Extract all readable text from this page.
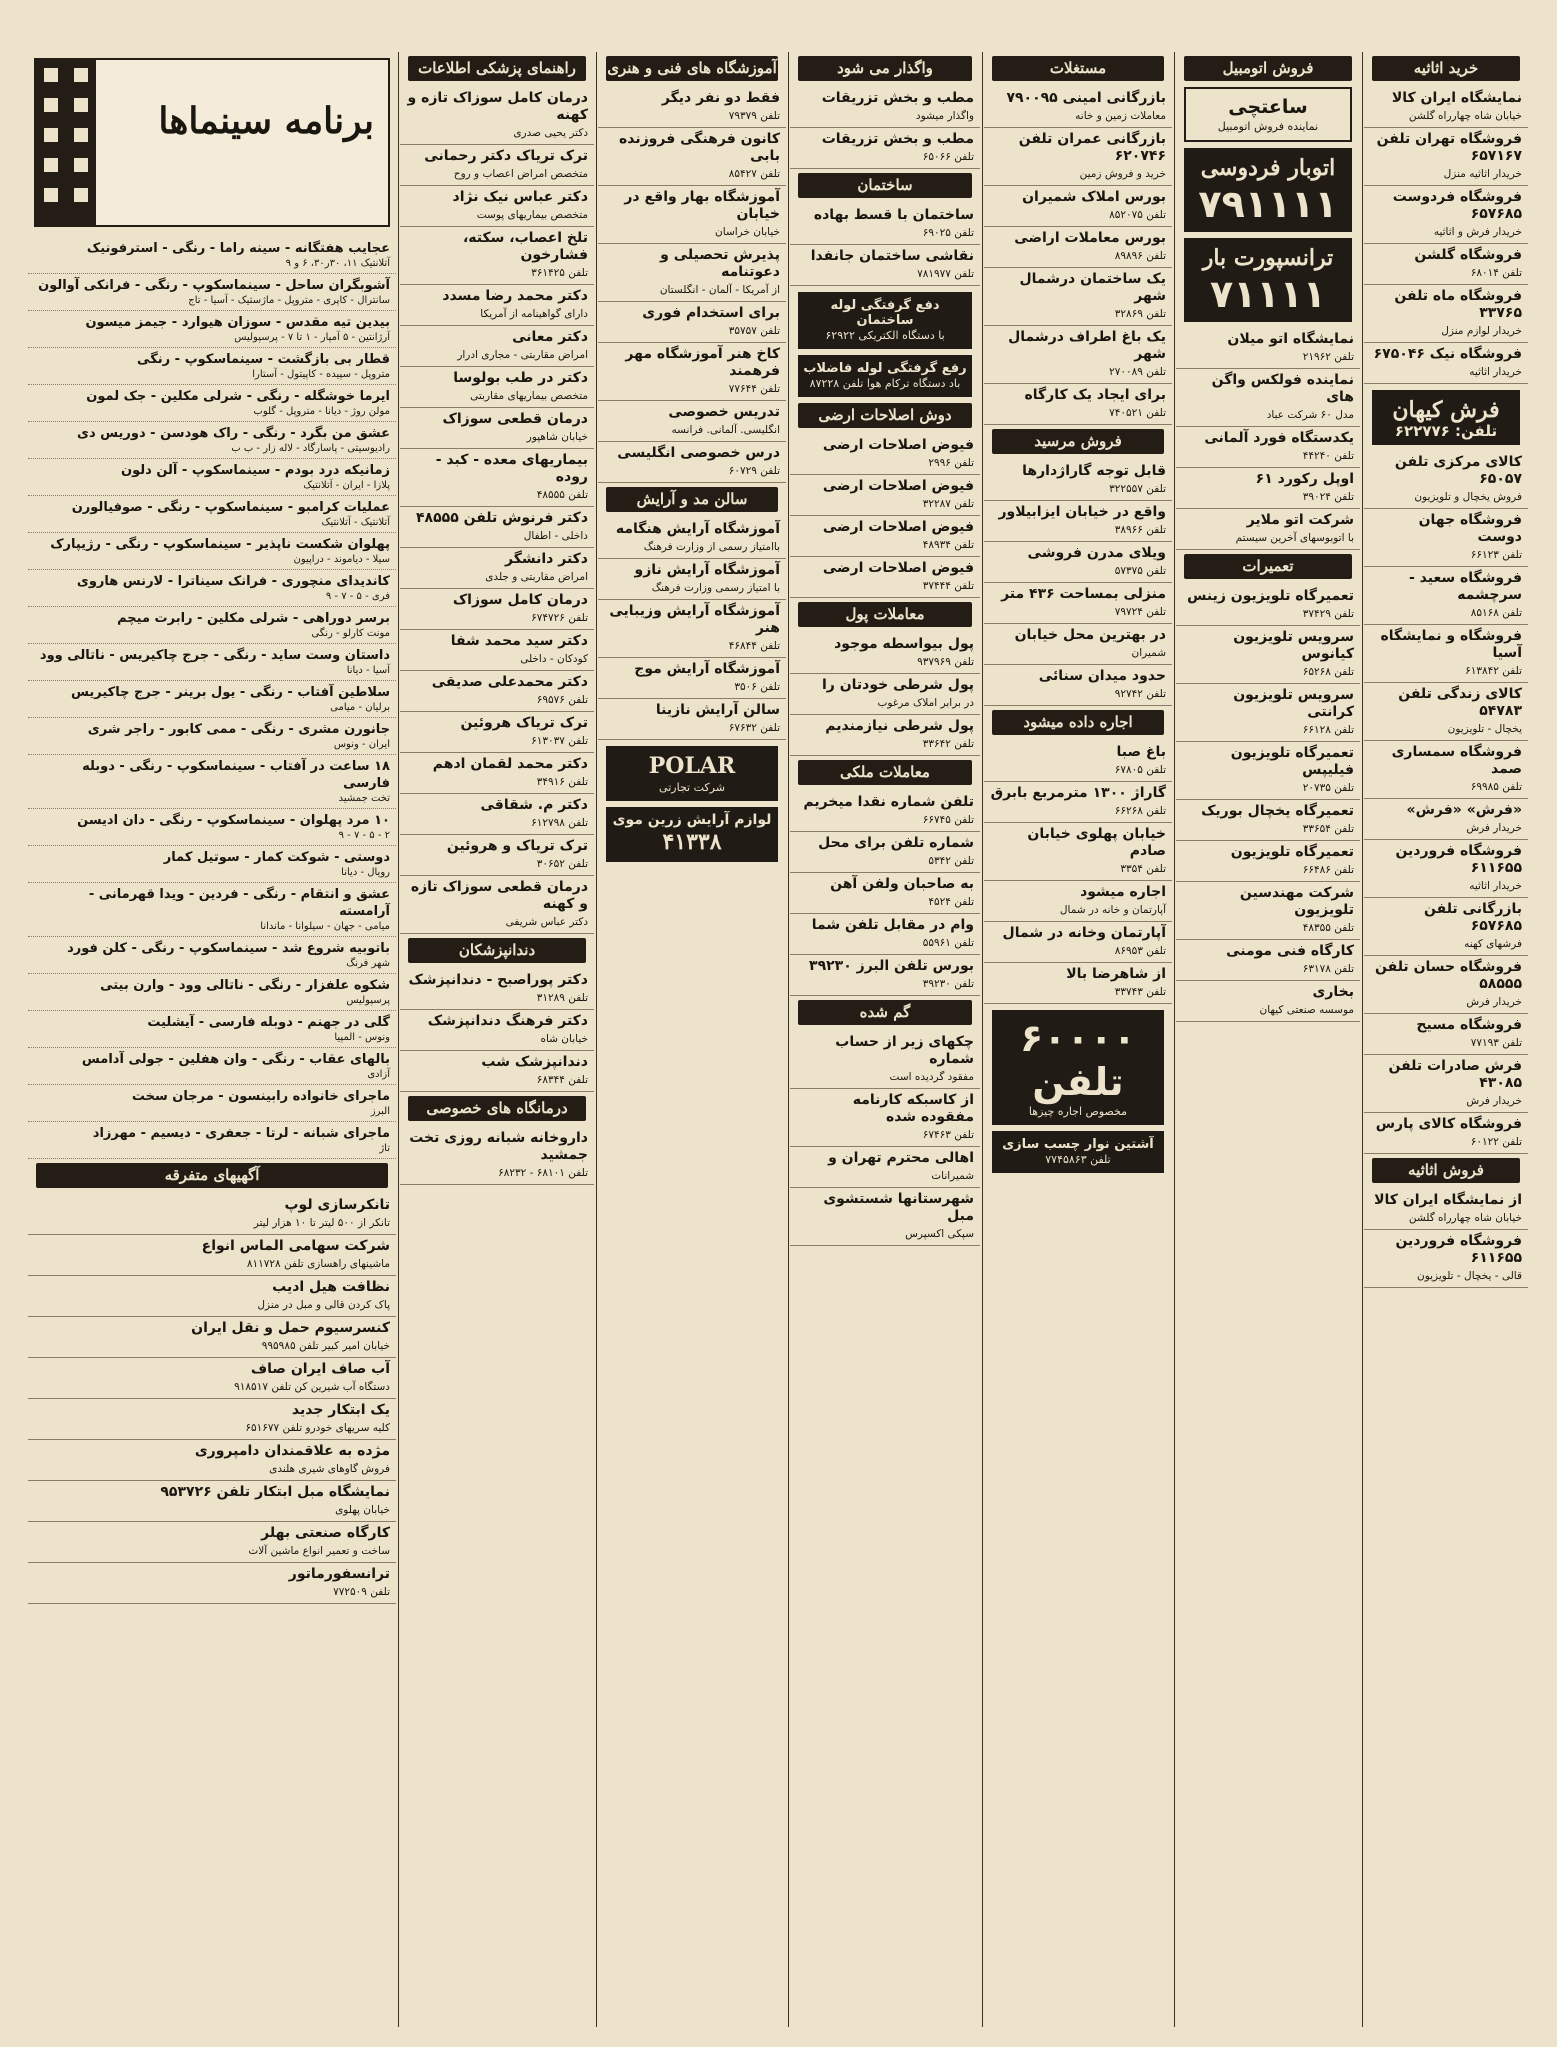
برنامه سینماها
عجایب هفتگانه - سینه راما - رنگی - استرفونیک

آتلانتیک ۱۱، ۳۰ر۳۰، ۶ و ۹

آشوبگران ساحل - سینماسکوپ - رنگی - فرانکی آوالون

سانترال - کاپری - متروپل - ماژستیک - آسیا - تاج

بیدین تیه مقدس - سوزان هیوارد - جیمز میسون

آرژانتین - ۵ آمپار - ۱ تا ۷ - پرسپولیس

قطار بی بازگشت - سینماسکوپ - رنگی

متروپل - سپیده - کاپیتول - آستارا

ایرما خوشگله - رنگی - شرلی مکلین - جک لمون

مولن روژ - دیانا - متروپل - گلوب

عشق من بگرد - رنگی - راک هودسن - دوریس دی

رادیوسیتی - پاسارگاد - لاله زار - ب ب

زمانیکه درد بودم - سینماسکوپ - آلن دلون

پلازا - ایران - آتلانتیک

عملیات کرامبو - سینماسکوپ - رنگی - صوفیالورن

آتلانتیک - آتلانتیک

پهلوان شکست ناپذیر - سینماسکوپ - رنگی - رژیپارک

سیلا - دیاموند - دراپیون

کاندیدای منچوری - فرانک سیناترا - لارنس هاروی

فری - ۵ - ۷ - ۹

برسر دوراهی - شرلی مکلین - رابرت میچم

مونت کارلو - رنگی

داستان وست ساید - رنگی - جرج چاکیریس - ناتالی وود

آسیا - دیانا

سلاطین آفتاب - رنگی - یول برینر - جرج چاکیریس

برلیان - میامی

جانورن مشری - رنگی - ممی کابور - راجر شری

ایران - ونوس

۱۸ ساعت در آفتاب - سینماسکوپ - رنگی - دوبله فارسی

تخت جمشید

۱۰ مرد پهلوان - سینماسکوپ - رنگی - دان ادیسن

۲ - ۵ - ۷ - ۹

دوستی - شوکت کمار - سوتیل کمار

رویال - دیانا

عشق و انتقام - رنگی - فردین - ویدا قهرمانی - آرامسته

میامی - جهان - سیلوانا - ماندانا

باتوبیه شروع شد - سینماسکوپ - رنگی - کلن فورد

شهر فرنگ

شکوه علفزار - رنگی - ناتالی وود - وارن بیتی

پرسپولیس

گلی در جهنم - دوبله فارسی - آیشلیت

ونوس - المپیا

بالهای عقاب - رنگی - وان هفلین - جولی آدامس

آزادی

ماجرای خانواده رابینسون - مرجان سخت

البرز

ماجرای شبانه - لرتا - جعفری - دیسیم - مهرزاد

تاژ

آگهیهای متفرقه
تانکرسازی لوپ

تانکر از ۵۰۰ لیتر تا ۱۰ هزار لیتر

شرکت سهامی الماس انواع

ماشینهای راهسازی تلفن ۸۱۱۷۲۸

نظافت هیل ادیب

پاک کردن قالی و مبل در منزل

کنسرسیوم حمل و نقل ایران

خیابان امیر کبیر تلفن ۹۹۵۹۸۵

آب صاف ایران صاف

دستگاه آب شیرین کن تلفن ۹۱۸۵۱۷

یک ابتکار جدید

کلیه سریهای خودرو تلفن ۶۵۱۶۷۷

مژده به علاقمندان دامپروری

فروش گاوهای شیری هلندی

نمایشگاه مبل ابتکار تلفن ۹۵۳۷۲۶

خیابان پهلوی

کارگاه صنعتی بهلر

ساخت و تعمیر انواع ماشین آلات

ترانسفورماتور

تلفن ۷۷۲۵۰۹

راهنمای پزشکی اطلاعات
درمان کامل سوزاک تازه و کهنه

دکتر یحیی صدری

ترک تریاک دکتر رحمانی

متخصص امراض اعصاب و روح

دکتر عباس نیک نژاد

متخصص بیماریهای پوست

تلخ اعصاب، سکته، فشارخون

تلفن ۳۶۱۴۲۵

دکتر محمد رضا مسدد

دارای گواهینامه از آمریکا

دکتر معانی

امراض مقاربتی - مجاری ادرار

دکتر در طب بولوسا

متخصص بیماریهای مقاربتی

درمان قطعی سوزاک

خیابان شاهپور

بیماریهای معده - کبد - روده

تلفن ۴۸۵۵۵

دکتر فرنوش تلفن ۴۸۵۵۵

داخلی - اطفال

دکتر دانشگر

امراض مقاربتی و جلدی

درمان کامل سوزاک

تلفن ۶۷۴۷۲۶

دکتر سید محمد شفا

کودکان - داخلی

دکتر محمدعلی صدیقی

تلفن ۶۹۵۷۶

ترک تریاک هروئین

تلفن ۶۱۳۰۳۷

دکتر محمد لقمان ادهم

تلفن ۳۴۹۱۶

دکتر م. شقاقی

تلفن ۶۱۲۷۹۸

ترک تریاک و هروئین

تلفن ۳۰۶۵۲

درمان قطعی سوزاک تازه و کهنه

دکتر عباس شریفی

دندانپزشکان
دکتر پوراصبح - دندانپزشک

تلفن ۳۱۲۸۹

دکتر فرهنگ دندانپزشک

خیابان شاه

دندانپزشک شب

تلفن ۶۸۳۴۴

درمانگاه های خصوصی
داروخانه شبانه روزی تخت جمشید

تلفن ۶۸۱۰۱ - ۶۸۲۳۲

آموزشگاه های فنی و هنری
فقط دو نفر دیگر

تلفن ۷۹۳۷۹

کانون فرهنگی فروزنده بابی

تلفن ۸۵۴۲۷

آموزشگاه بهار واقع در خیابان

خیابان خراسان

پذیرش تحصیلی و دعوتنامه

از آمریکا - آلمان - انگلستان

برای استخدام فوری

تلفن ۳۵۷۵۷

کاخ هنر آموزشگاه مهر فرهمند

تلفن ۷۷۶۴۴

تدریس خصوصی

انگلیسی. آلمانی. فرانسه

درس خصوصی انگلیسی

تلفن ۶۰۷۲۹

سالن مد و آرایش
آموزشگاه آرایش هنگامه

باامتیاز رسمی از وزارت فرهنگ

آموزشگاه آرایش نازو

با امتیاز رسمی وزارت فرهنگ

آموزشگاه آرایش وزیبایی هنر

تلفن ۴۶۸۴۴

آموزشگاه آرایش موج

تلفن ۳۵۰۶

سالن آرایش نازینا

تلفن ۶۷۶۳۲

POLAR
شرکت تجارتی
لوازم آرایش زرین موی
۴۱۳۳۸
واگذار می شود
مطب و بخش تزریقات

واگذار میشود

مطب و بخش تزریقات

تلفن ۶۵۰۶۶

ساختمان
ساختمان با قسط بهاده

تلفن ۶۹۰۲۵

نقاشی ساختمان جانفدا

تلفن ۷۸۱۹۷۷

دفع گرفتگی لوله ساختمان
با دستگاه الکتریکی ۶۲۹۲۲
رفع گرفتگی لوله فاضلاب
باد دستگاه ترکام هوا تلفن ۸۷۲۲۸
دوش اصلاحات ارضی
فیوض اصلاحات ارضی

تلفن ۲۹۹۶

فیوض اصلاحات ارضی

تلفن ۳۲۲۸۷

فیوض اصلاحات ارضی

تلفن ۴۸۹۳۴

فیوض اصلاحات ارضی

تلفن ۳۷۴۴۴

معاملات پول
پول بیواسطه موجود

تلفن ۹۳۷۹۶۹

پول شرطی خودتان را

در برابر املاک مرغوب

پول شرطی نیازمندیم

تلفن ۳۳۶۴۲

معاملات ملکی
تلفن شماره نقدا میخریم

تلفن ۶۶۷۴۵

شماره تلفن برای محل

تلفن ۵۳۴۲

به صاحبان ولفن آهن

تلفن ۴۵۲۴

وام در مقابل تلفن شما

تلفن ۵۵۹۶۱

بورس تلفن البرز ۳۹۲۳۰

تلفن ۳۹۲۳۰

گم شده
چکهای زیر از حساب شماره

مفقود گردیده است

از کاسبکه کارنامه مفقوده شده

تلفن ۶۷۴۶۳

اهالی محترم تهران و

شمیرانات

شهرستانها شستشوی مبل

سپکی اکسپرس

مستغلات
بازرگانی امینی ۷۹۰۰۹۵

معاملات زمین و خانه

بازرگانی عمران تلفن ۶۲۰۷۴۶

خرید و فروش زمین

بورس املاک شمیران

تلفن ۸۵۲۰۷۵

بورس معاملات اراضی

تلفن ۸۹۸۹۶

یک ساختمان درشمال شهر

تلفن ۳۲۸۶۹

یک باغ اطراف درشمال شهر

تلفن ۲۷۰۰۸۹

برای ایجاد یک کارگاه

تلفن ۷۴۰۵۲۱

فروش مرسید
قابل توجه گاراژدارها

تلفن ۳۲۲۵۵۷

واقع در خیابان ایزابیلاور

تلفن ۳۸۹۶۶

ویلای مدرن فروشی

تلفن ۵۷۳۷۵

منزلی بمساحت ۴۳۶ متر

تلفن ۷۹۷۲۴

در بهترین محل خیابان

شمیران

حدود میدان سنائی

تلفن ۹۲۷۴۲

اجاره داده میشود
باغ صبا

تلفن ۶۷۸۰۵

گاراژ ۱۳۰۰ مترمربع بابرق

تلفن ۶۶۲۶۸

خیابان پهلوی خیابان صادم

تلفن ۳۳۵۴

اجاره میشود

آپارتمان و خانه در شمال

آپارتمان وخانه در شمال

تلفن ۸۶۹۵۳

از شاهرضا بالا

تلفن ۳۳۷۴۳

۶۰۰۰۰ تلفن
مخصوص اجاره چیزها
آشتین نوار چسب سازی
تلفن ۷۷۴۵۸۶۳
فروش اتومبیل
ساعتچی
نماینده فروش اتومبیل
اتوبار فردوسی
۷۹۱۱۱۱
ترانسپورت بار
۷۱۱۱۱
نمایشگاه اتو میلان

تلفن ۲۱۹۶۲

نماینده فولکس واگن های

مدل ۶۰ شرکت عباد

یکدستگاه فورد آلمانی

تلفن ۴۴۲۴۰

اوپل رکورد ۶۱

تلفن ۳۹۰۲۴

شرکت اتو ملایر

با اتوبوسهای آخرین سیستم

تعمیرات
تعمیرگاه تلویزیون زینس

تلفن ۳۷۴۲۹

سرویس تلویزیون کیانوس

تلفن ۶۵۲۶۸

سرویس تلویزیون کرانتی

تلفن ۶۶۱۲۸

تعمیرگاه تلویزیون فیلیپس

تلفن ۲۰۷۳۵

تعمیرگاه یخچال بوریک

تلفن ۳۳۶۵۴

تعمیرگاه تلویزیون

تلفن ۶۶۴۸۶

شرکت مهندسین تلویزیون

تلفن ۴۸۳۵۵

کارگاه فنی مومنی

تلفن ۶۳۱۷۸

بخاری

موسسه صنعتی کیهان

خرید اثاثیه
نمایشگاه ایران کالا

خیابان شاه چهارراه گلشن

فروشگاه تهران تلفن ۶۵۷۱۶۷

خریدار اثاثیه منزل

فروشگاه فردوست ۶۵۷۶۸۵

خریدار فرش و اثاثیه

فروشگاه گلشن

تلفن ۶۸۰۱۴

فروشگاه ماه تلفن ۳۳۷۶۵

خریدار لوازم منزل

فروشگاه نیک ۶۷۵۰۴۶

خریدار اثاثیه

فرش کیهان
تلفن: ۶۲۲۷۷۶
کالای مرکزی تلفن ۶۵۰۵۷

فروش یخچال و تلویزیون

فروشگاه جهان دوست

تلفن ۶۶۱۲۳

فروشگاه سعید - سرچشمه

تلفن ۸۵۱۶۸

فروشگاه و نمایشگاه آسیا

تلفن ۶۱۳۸۴۲

کالای زندگی تلفن ۵۴۷۸۳

یخچال - تلویزیون

فروشگاه سمساری صمد

تلفن ۶۹۹۸۵

«فرش» «فرش»

خریدار فرش

فروشگاه فروردین ۶۱۱۶۵۵

خریدار اثاثیه

بازرگانی تلفن ۶۵۷۶۸۵

فرشهای کهنه

فروشگاه حسان تلفن ۵۸۵۵۵

خریدار فرش

فروشگاه مسیح

تلفن ۷۷۱۹۳

فرش صادرات تلفن ۴۳۰۸۵

خریدار فرش

فروشگاه کالای پارس

تلفن ۶۰۱۲۲

فروش اثاثیه
از نمایشگاه ایران کالا

خیابان شاه چهارراه گلشن

فروشگاه فروردین ۶۱۱۶۵۵

قالی - یخچال - تلویزیون
